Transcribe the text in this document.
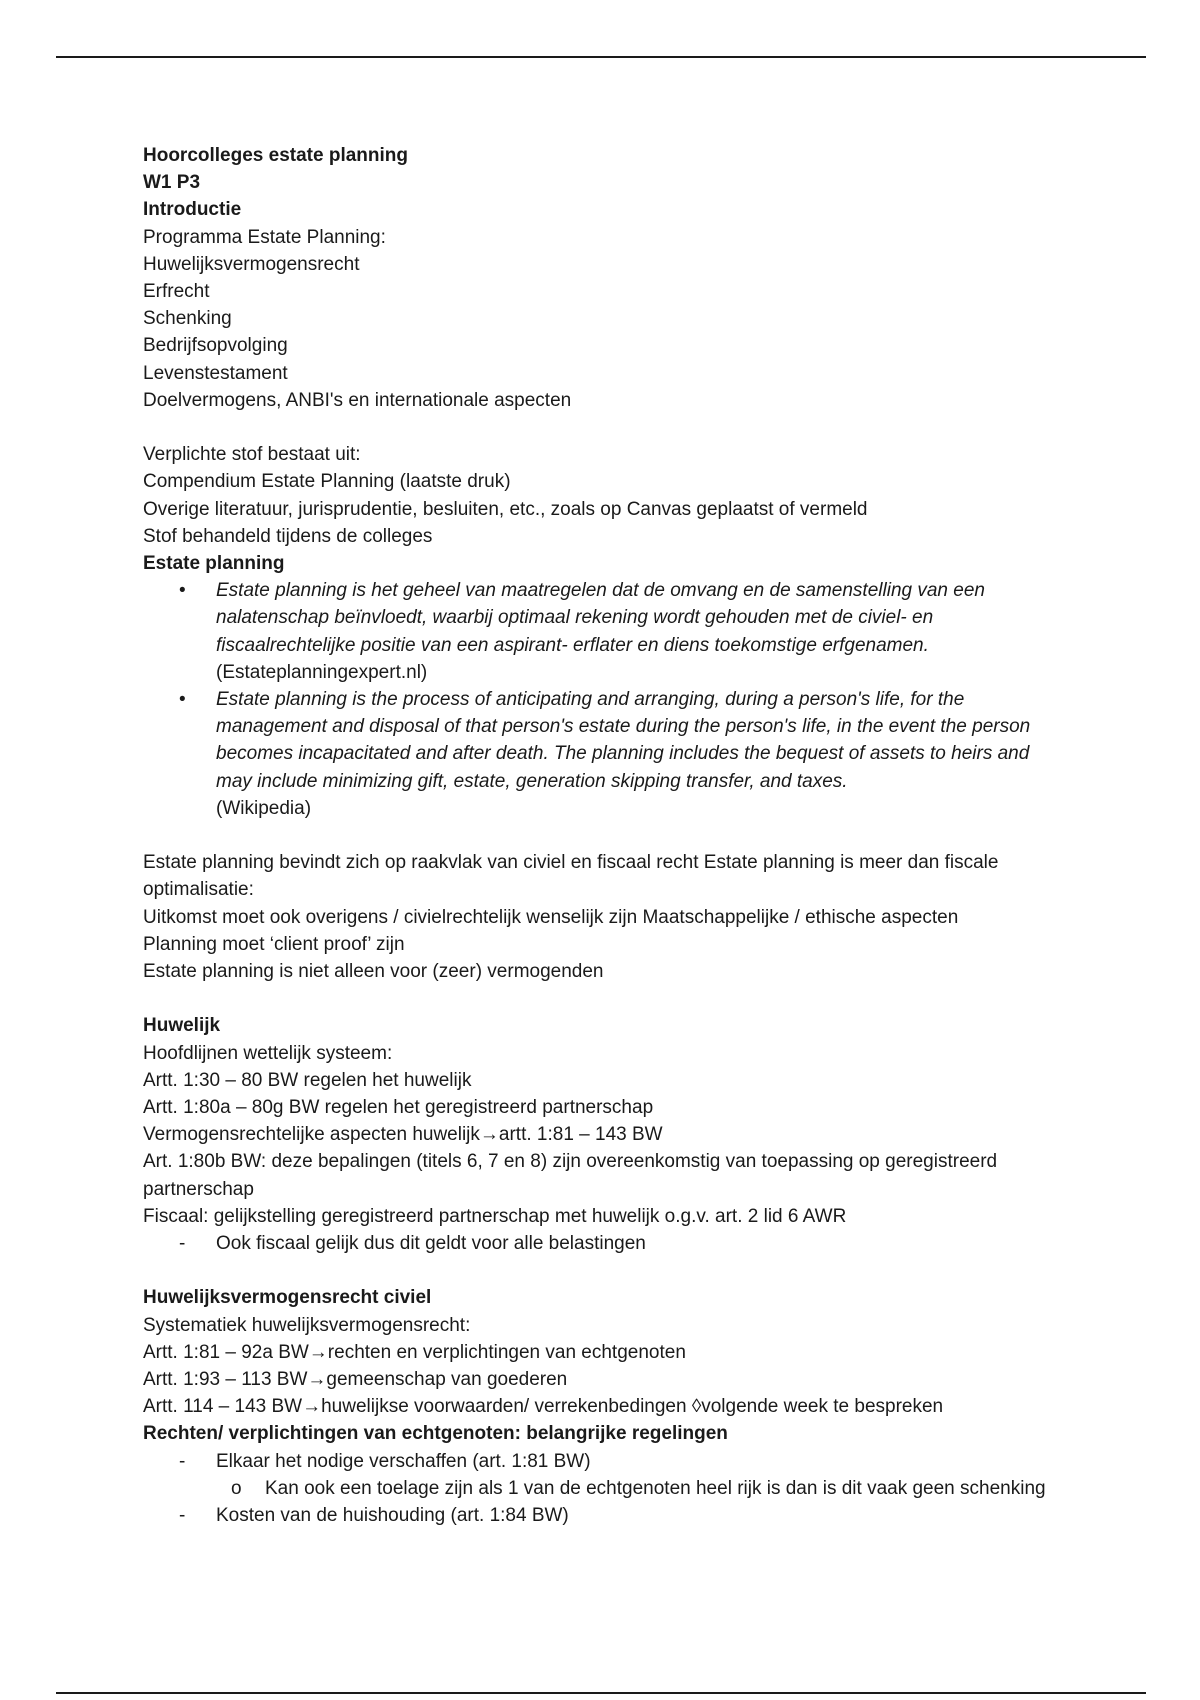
Hoorcolleges estate planning
W1 P3
Introductie
Programma Estate Planning:
Huwelijksvermogensrecht
Erfrecht
Schenking
Bedrijfsopvolging
Levenstestament
Doelvermogens, ANBI's en internationale aspecten
Verplichte stof bestaat uit:
Compendium Estate Planning (laatste druk)
Overige literatuur, jurisprudentie, besluiten, etc., zoals op Canvas geplaatst of vermeld
Stof behandeld tijdens de colleges
Estate planning
• Estate planning is het geheel van maatregelen dat de omvang en de samenstelling van een nalatenschap beïnvloedt, waarbij optimaal rekening wordt gehouden met de civiel- en fiscaalrechtelijke positie van een aspirant- erflater en diens toekomstige erfgenamen.
(Estateplanningexpert.nl)
• Estate planning is the process of anticipating and arranging, during a person's life, for the management and disposal of that person's estate during the person's life, in the event the person becomes incapacitated and after death. The planning includes the bequest of assets to heirs and may include minimizing gift, estate, generation skipping transfer, and taxes.
(Wikipedia)
Estate planning bevindt zich op raakvlak van civiel en fiscaal recht Estate planning is meer dan fiscale optimalisatie:
Uitkomst moet ook overigens / civielrechtelijk wenselijk zijn Maatschappelijke / ethische aspecten
Planning moet ‘client proof’ zijn
Estate planning is niet alleen voor (zeer) vermogenden
Huwelijk
Hoofdlijnen wettelijk systeem:
Artt. 1:30 – 80 BW regelen het huwelijk
Artt. 1:80a – 80g BW regelen het geregistreerd partnerschap
Vermogensrechtelijke aspecten huwelijk→artt. 1:81 – 143 BW
Art. 1:80b BW: deze bepalingen (titels 6, 7 en 8) zijn overeenkomstig van toepassing op geregistreerd partnerschap
Fiscaal: gelijkstelling geregistreerd partnerschap met huwelijk o.g.v. art. 2 lid 6 AWR
- Ook fiscaal gelijk dus dit geldt voor alle belastingen
Huwelijksvermogensrecht civiel
Systematiek huwelijksvermogensrecht:
Artt. 1:81 – 92a BW→rechten en verplichtingen van echtgenoten
Artt. 1:93 – 113 BW→gemeenschap van goederen
Artt. 114 – 143 BW→huwelijkse voorwaarden/ verrekenbedingen ◊volgende week te bespreken
Rechten/ verplichtingen van echtgenoten: belangrijke regelingen
- Elkaar het nodige verschaffen (art. 1:81 BW)
o Kan ook een toelage zijn als 1 van de echtgenoten heel rijk is dan is dit vaak geen schenking
- Kosten van de huishouding (art. 1:84 BW)
